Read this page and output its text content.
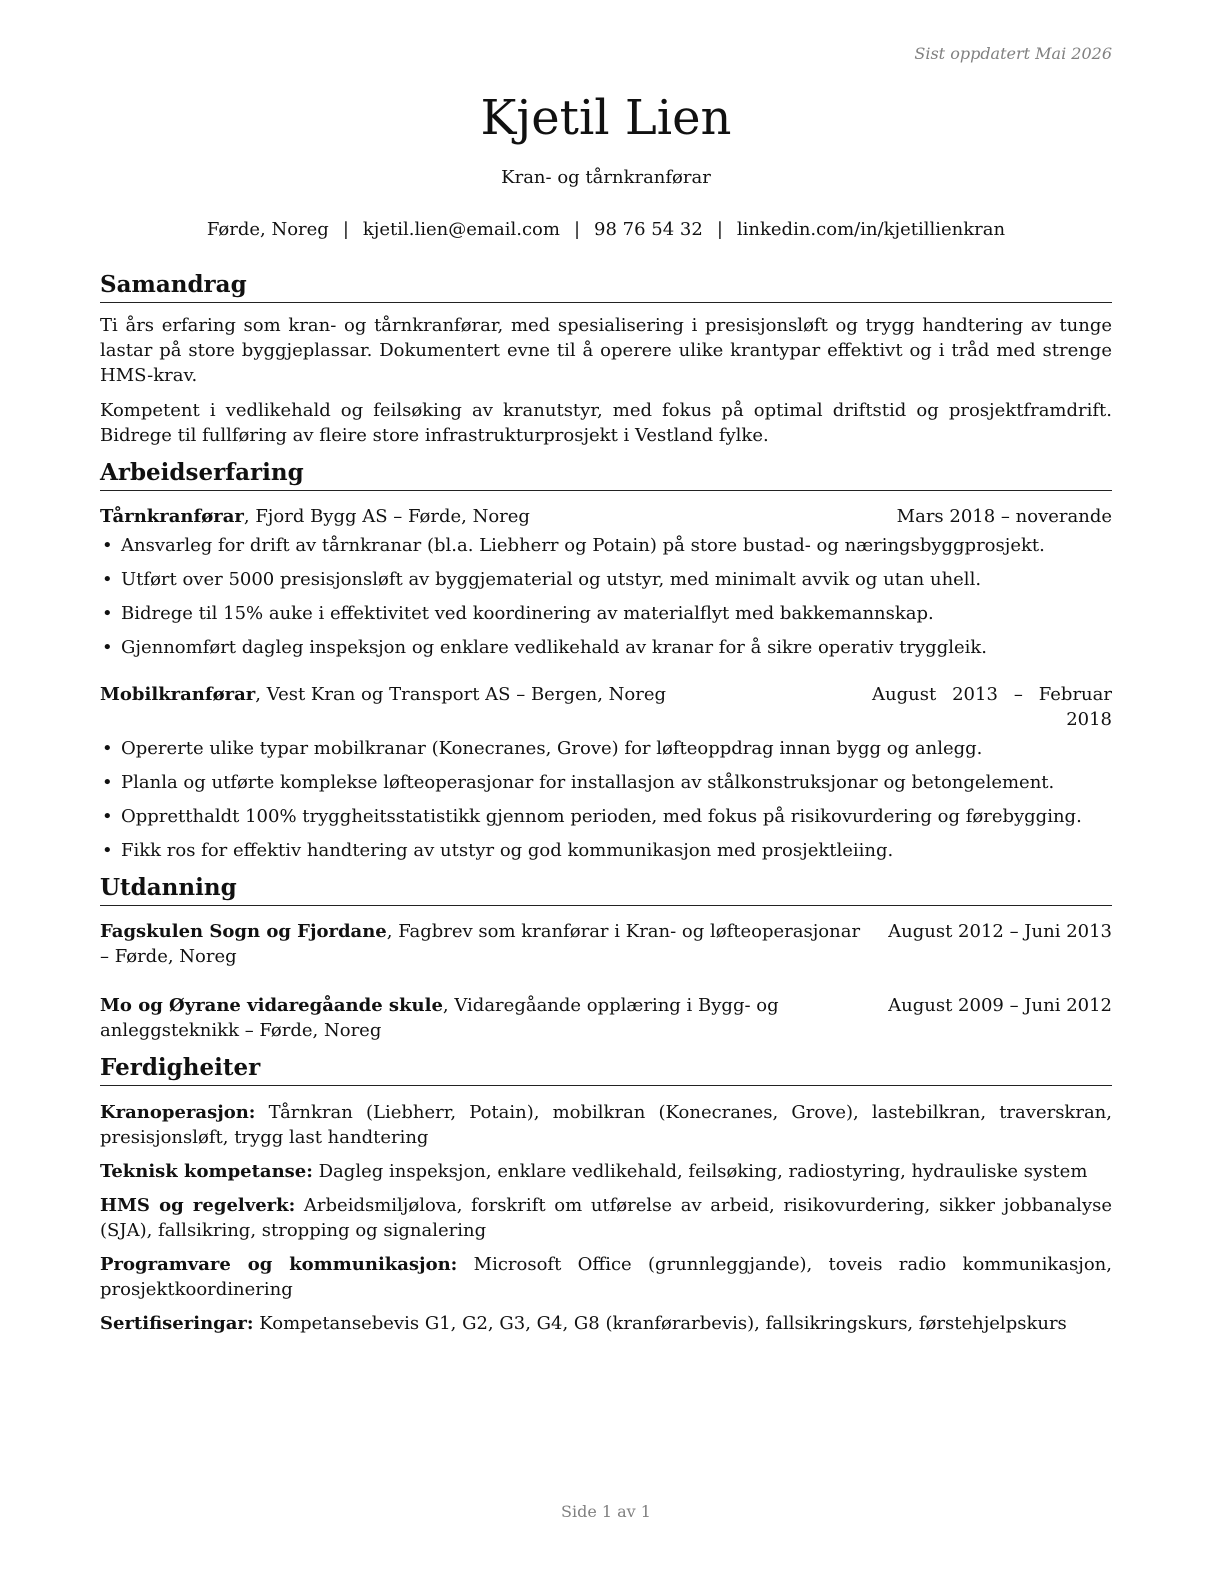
Sist oppdatert Mai 2026
Kjetil Lien
Kran- og tårnkranførar
Førde, Noreg | kjetil.lien@email.com | 98 76 54 32 | linkedin.com/in/kjetillienkran
Samandrag

Ti års erfaring som kran- og tårnkranførar, med spesialisering i presisjonsløft og trygg handtering av tunge lastar på store byggjeplassar. Dokumentert evne til å operere ulike krantypar effektivt og i tråd med strenge HMS-krav.

Kompetent i vedlikehald og feilsøking av kranutstyr, med fokus på optimal driftstid og prosjektframdrift. Bidrege til fullføring av fleire store infrastrukturprosjekt i Vestland fylke.

Arbeidserfaring
Tårnkranførar, Fjord Bygg AS – Førde, Noreg	Mars 2018 – noverande
• Ansvarleg for drift av tårnkranar (bl.a. Liebherr og Potain) på store bustad- og næringsbyggprosjekt.
• Utført over 5000 presisjonsløft av byggjematerial og utstyr, med minimalt avvik og utan uhell.
• Bidrege til 15% auke i effektivitet ved koordinering av materialflyt med bakkemannskap.
• Gjennomført dagleg inspeksjon og enklare vedlikehald av kranar for å sikre operativ tryggleik.
Mobilkranførar, Vest Kran og Transport AS – Bergen, Noreg	August 2013 – Februar 2018
• Opererte ulike typar mobilkranar (Konecranes, Grove) for løfteoppdrag innan bygg og anlegg.
• Planla og utførte komplekse løfteoperasjonar for installasjon av stålkonstruksjonar og betongelement.
• Oppretthaldt 100% tryggheitsstatistikk gjennom perioden, med fokus på risikovurdering og førebygging.
• Fikk ros for effektiv handtering av utstyr og god kommunikasjon med prosjektleiing.
Utdanning
Fagskulen Sogn og Fjordane, Fagbrev som kranførar i Kran- og løfteoperasjonar – Førde, Noreg
August 2012 – Juni 2013
Mo og Øyrane vidaregåande skule, Vidaregåande opplæring i Bygg- og anleggsteknikk – Førde, Noreg
August 2009 – Juni 2012
Ferdigheiter
Kranoperasjon: Tårnkran (Liebherr, Potain), mobilkran (Konecranes, Grove), lastebilkran, traverskran, presisjonsløft, trygg last handtering
Teknisk kompetanse: Dagleg inspeksjon, enklare vedlikehald, feilsøking, radiostyring, hydrauliske system
HMS og regelverk: Arbeidsmiljølova, forskrift om utførelse av arbeid, risikovurdering, sikker jobbanalyse (SJA), fallsikring, stropping og signalering
Programvare og kommunikasjon: Microsoft Office (grunnleggjande), toveis radio kommunikasjon, prosjektkoordinering
Sertifiseringar: Kompetansebevis G1, G2, G3, G4, G8 (kranførarbevis), fallsikringskurs, førstehjelpskurs
Side 1 av 1
